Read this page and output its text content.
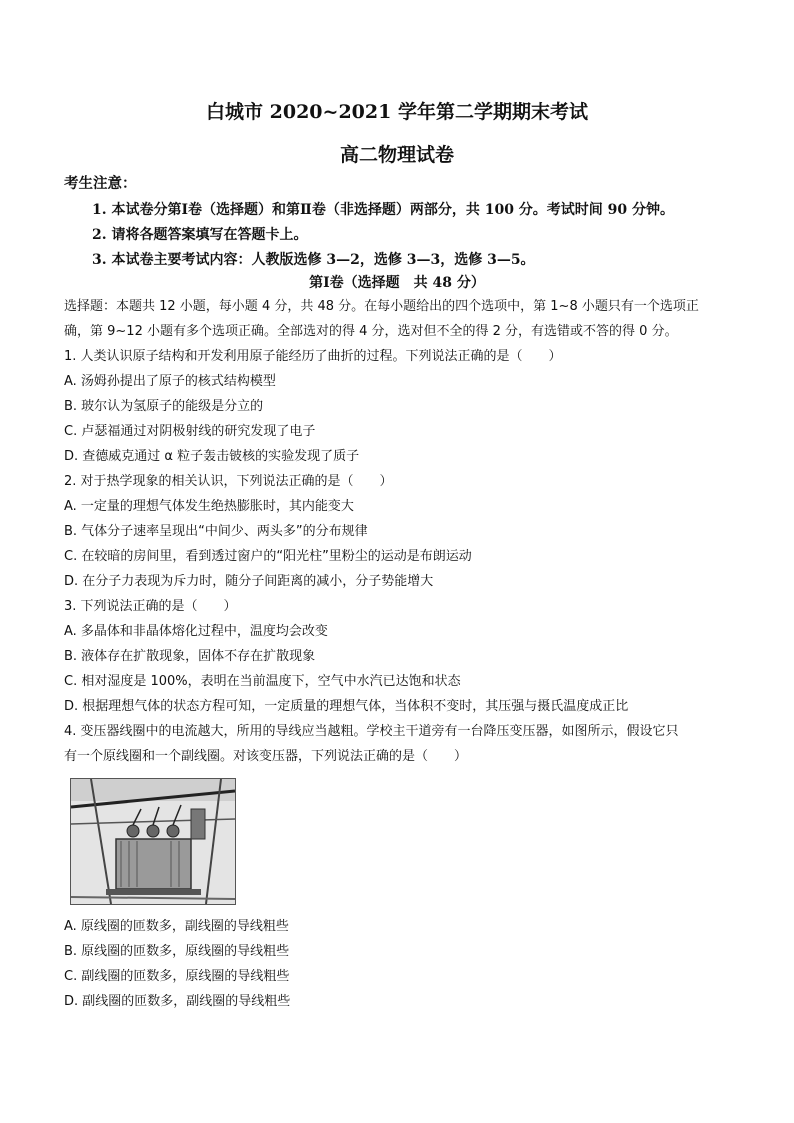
白城市 2020~2021 学年第二学期期末考试
高二物理试卷
考生注意：
1. 本试卷分第Ⅰ卷（选择题）和第Ⅱ卷（非选择题）两部分，共 100 分。考试时间 90 分钟。
2. 请将各题答案填写在答题卡上。
3. 本试卷主要考试内容：人教版选修 3—2，选修 3—3，选修 3—5。
第Ⅰ卷（选择题　共 48 分）
选择题：本题共 12 小题，每小题 4 分，共 48 分。在每小题给出的四个选项中，第 1~8 小题只有一个选项正
确，第 9~12 小题有多个选项正确。全部选对的得 4 分，选对但不全的得 2 分，有选错或不答的得 0 分。
1. 人类认识原子结构和开发利用原子能经历了曲折的过程。下列说法正确的是（　　）
A. 汤姆孙提出了原子的核式结构模型
B. 玻尔认为氢原子的能级是分立的
C. 卢瑟福通过对阴极射线的研究发现了电子
D. 查德威克通过 α 粒子轰击铍核的实验发现了质子
2. 对于热学现象的相关认识，下列说法正确的是（　　）
A. 一定量的理想气体发生绝热膨胀时，其内能变大
B. 气体分子速率呈现出“中间少、两头多”的分布规律
C. 在较暗的房间里，看到透过窗户的“阳光柱”里粉尘的运动是布朗运动
D. 在分子力表现为斥力时，随分子间距离的减小，分子势能增大
3. 下列说法正确的是（　　）
A. 多晶体和非晶体熔化过程中，温度均会改变
B. 液体存在扩散现象，固体不存在扩散现象
C. 相对湿度是 100%，表明在当前温度下，空气中水汽已达饱和状态
D. 根据理想气体的状态方程可知，一定质量的理想气体，当体积不变时，其压强与摄氏温度成正比
4. 变压器线圈中的电流越大，所用的导线应当越粗。学校主干道旁有一台降压变压器，如图所示，假设它只
有一个原线圈和一个副线圈。对该变压器，下列说法正确的是（　　）
A. 原线圈的匝数多，副线圈的导线粗些
B. 原线圈的匝数多，原线圈的导线粗些
C. 副线圈的匝数多，原线圈的导线粗些
D. 副线圈的匝数多，副线圈的导线粗些
